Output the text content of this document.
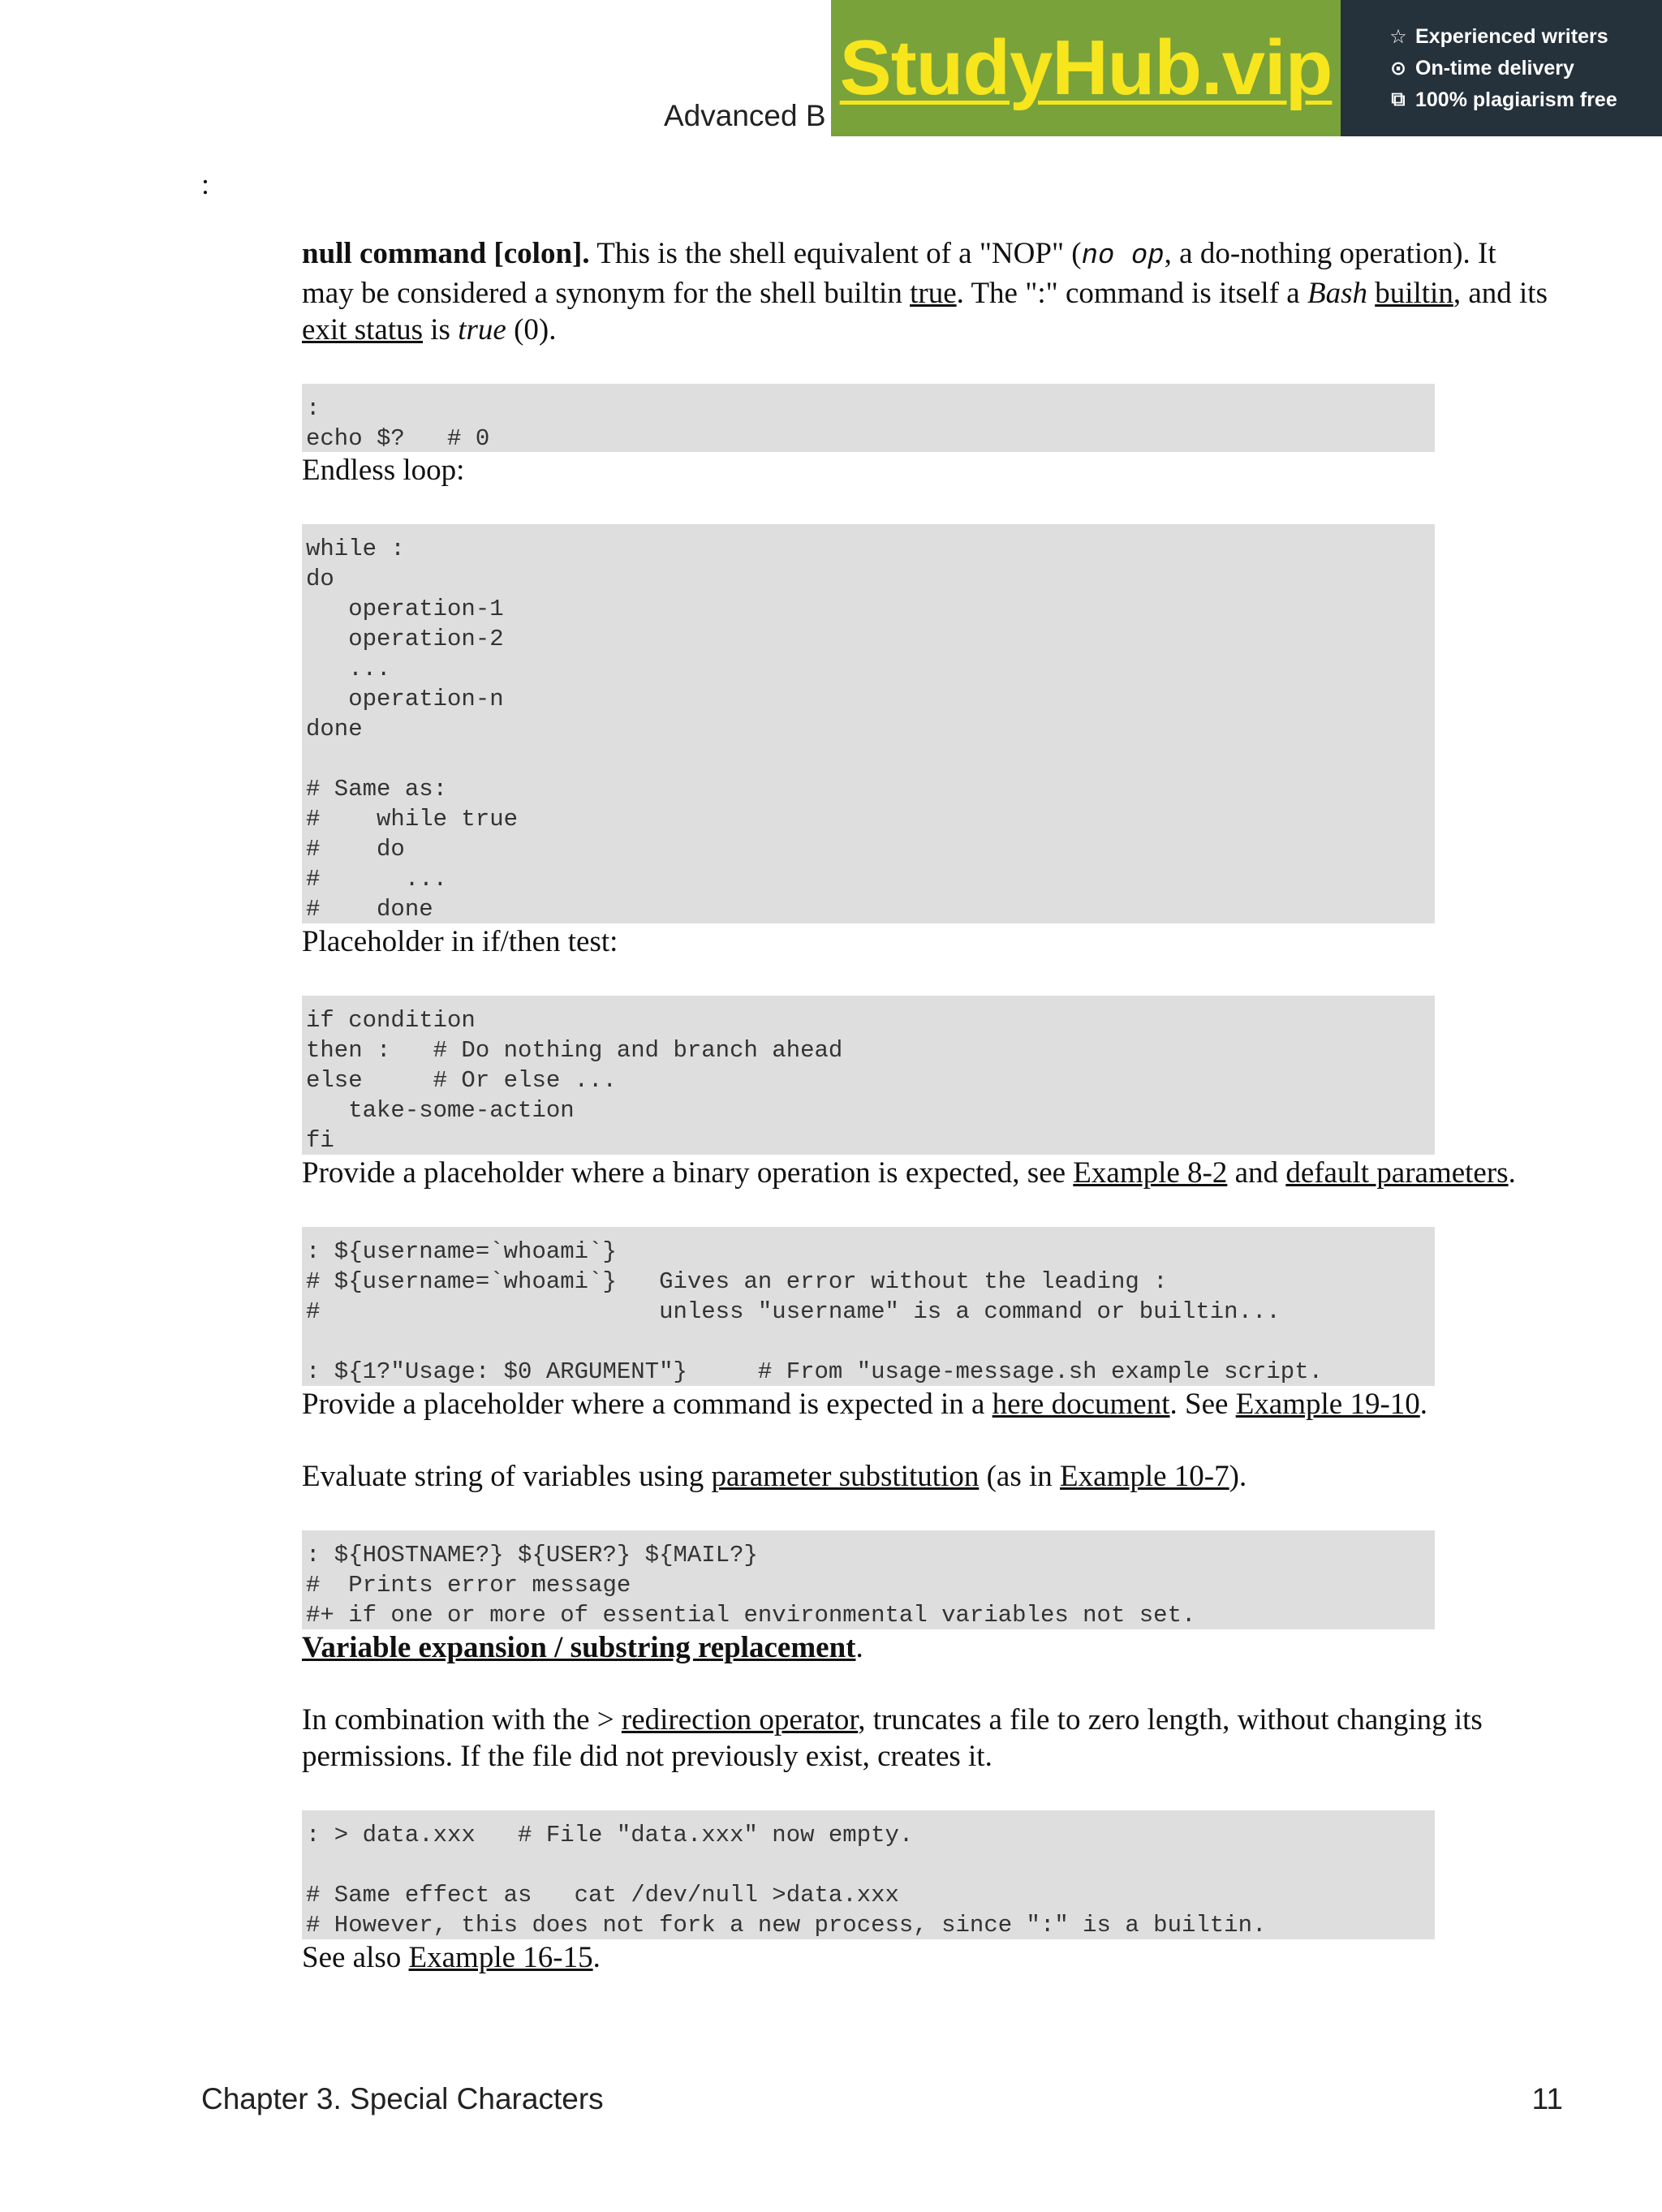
Advanced B
StudyHub.vip	☆ Experienced writers
⊙ On-time delivery
⧉ 100% plagiarism free
:

null command [colon]. This is the shell equivalent of a "NOP" (no op, a do-nothing operation). It may be considered a synonym for the shell builtin true. The ":" command is itself a Bash builtin, and its exit status is true (0).

:
echo $?   # 0

Endless loop:

while :
do
operation-1
operation-2
...
operation-n
done

# Same as:
#    while true
#    do
#      ...
#    done

Placeholder in if/then test:

if condition
then :   # Do nothing and branch ahead
else     # Or else ...
take-some-action
fi

Provide a placeholder where a binary operation is expected, see Example 8-2 and default parameters.

: ${username=`whoami`}
# ${username=`whoami`}   Gives an error without the leading :
#                        unless "username" is a command or builtin...

: ${1?"Usage: $0 ARGUMENT"}     # From "usage-message.sh example script.

Provide a placeholder where a command is expected in a here document. See Example 19-10.

Evaluate string of variables using parameter substitution (as in Example 10-7).

: ${HOSTNAME?} ${USER?} ${MAIL?}
#  Prints error message
#+ if one or more of essential environmental variables not set.

Variable expansion / substring replacement.

In combination with the > redirection operator, truncates a file to zero length, without changing its permissions. If the file did not previously exist, creates it.

: > data.xxx   # File "data.xxx" now empty.

# Same effect as   cat /dev/null >data.xxx
# However, this does not fork a new process, since ":" is a builtin.

See also Example 16-15.

Chapter 3. Special Characters	11
